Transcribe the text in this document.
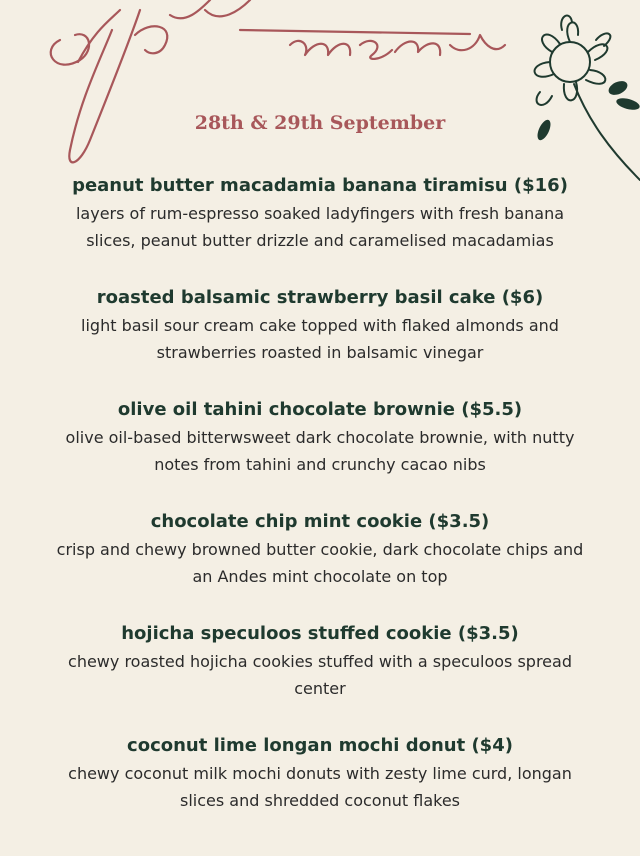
28th & 29th September
peanut butter macadamia banana tiramisu ($16)
layers of rum-espresso soaked ladyfingers with fresh banana slices, peanut butter drizzle and caramelised macadamias
roasted balsamic strawberry basil cake ($6)
light basil sour cream cake topped with flaked almonds and strawberries roasted in balsamic vinegar
olive oil tahini chocolate brownie ($5.5)
olive oil-based bitterwsweet dark chocolate brownie, with nutty notes from tahini and crunchy cacao nibs
chocolate chip mint cookie ($3.5)
crisp and chewy browned butter cookie, dark chocolate chips and an Andes mint chocolate on top
hojicha speculoos stuffed cookie ($3.5)
chewy roasted hojicha cookies stuffed with a speculoos spread center
coconut lime longan mochi donut ($4)
chewy coconut milk mochi donuts with zesty lime curd, longan slices and shredded coconut flakes
